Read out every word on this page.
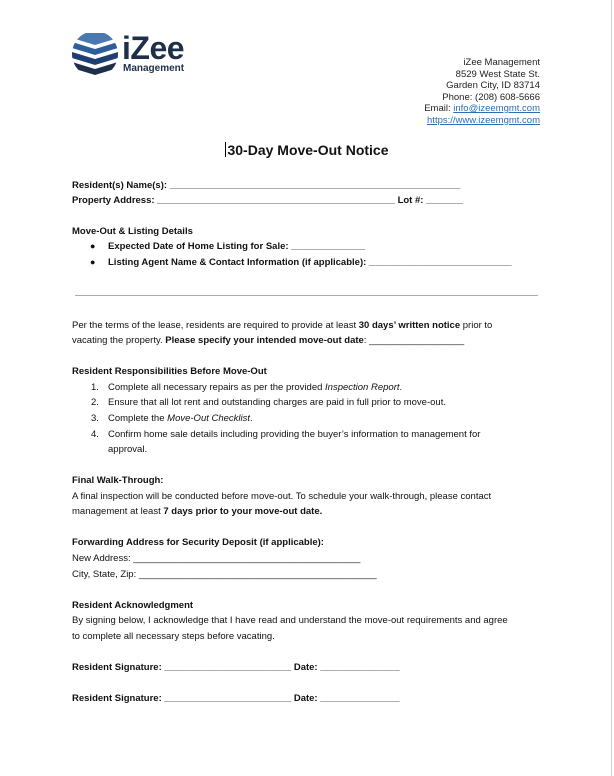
iZee
Management
iZee Management
8529 West State St.
Garden City, ID 83714
Phone: (208) 608-5666
Email: info@izeemgmt.com
https://www.izeemgmt.com
30-Day Move-Out Notice
Resident(s) Name(s): _______________________________________________________
Property Address: _____________________________________________ Lot #: _______
Move-Out & Listing Details
● Expected Date of Home Listing for Sale: ______________
● Listing Agent Name & Contact Information (if applicable): ___________________________
Per the terms of the lease, residents are required to provide at least 30 days’ written notice prior to
vacating the property. Please specify your intended move-out date: __________________
Resident Responsibilities Before Move-Out
1. Complete all necessary repairs as per the provided Inspection Report.
2. Ensure that all lot rent and outstanding charges are paid in full prior to move-out.
3. Complete the Move-Out Checklist.
4. Confirm home sale details including providing the buyer’s information to management for
approval.
Final Walk-Through:
A final inspection will be conducted before move-out. To schedule your walk-through, please contact
management at least 7 days prior to your move-out date.
Forwarding Address for Security Deposit (if applicable):
New Address: ___________________________________________
City, State, Zip: _____________________________________________
Resident Acknowledgment
By signing below, I acknowledge that I have read and understand the move-out requirements and agree
to complete all necessary steps before vacating.
Resident Signature: ________________________ Date: _______________
Resident Signature: ________________________ Date: _______________
